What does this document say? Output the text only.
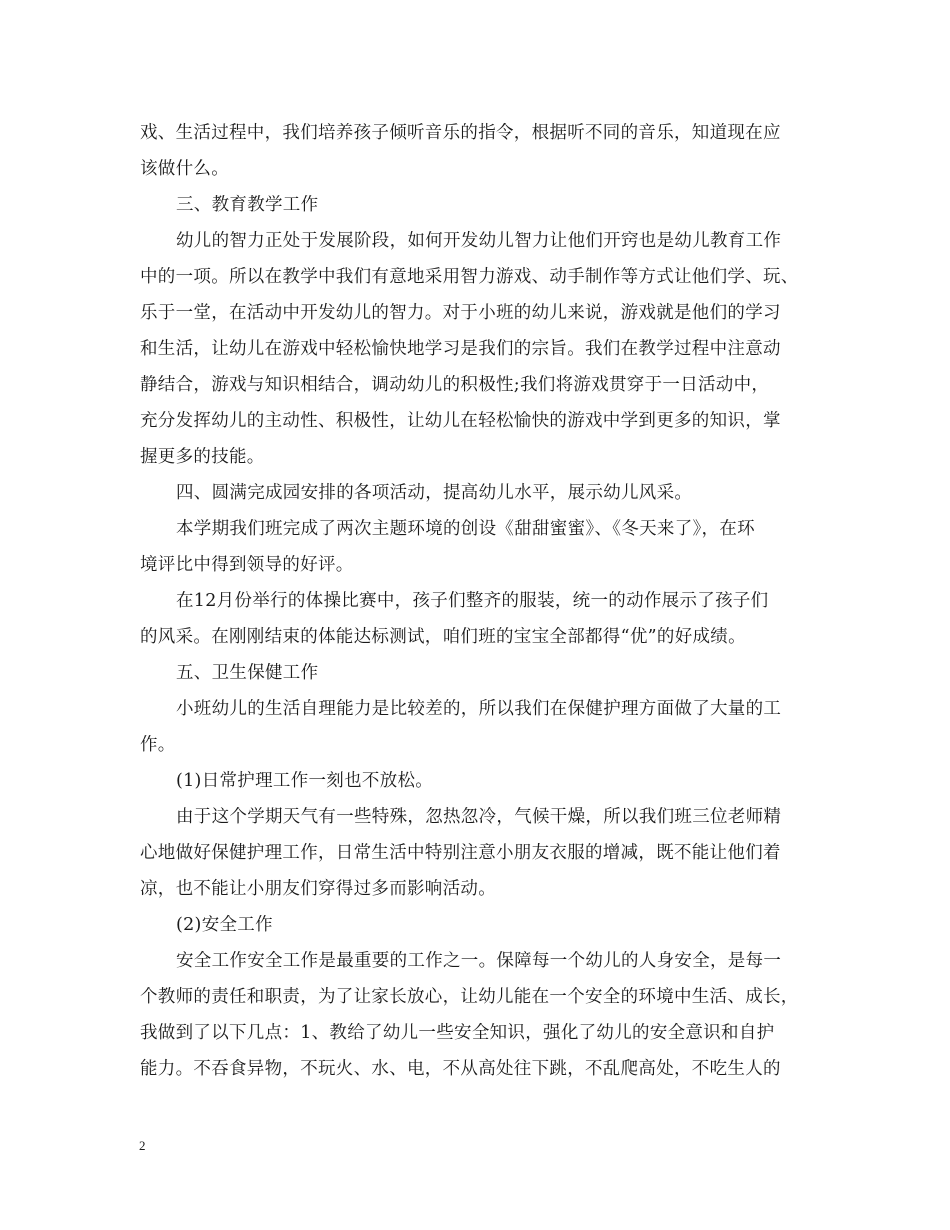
戏、生活过程中，我们培养孩子倾听音乐的指令，根据听不同的音乐，知道现在应
该做什么。
三、教育教学工作
幼儿的智力正处于发展阶段，如何开发幼儿智力让他们开窍也是幼儿教育工作
中的一项。所以在教学中我们有意地采用智力游戏、动手制作等方式让他们学、玩、
乐于一堂，在活动中开发幼儿的智力。对于小班的幼儿来说，游戏就是他们的学习
和生活，让幼儿在游戏中轻松愉快地学习是我们的宗旨。我们在教学过程中注意动
静结合，游戏与知识相结合，调动幼儿的积极性;我们将游戏贯穿于一日活动中，
充分发挥幼儿的主动性、积极性，让幼儿在轻松愉快的游戏中学到更多的知识，掌
握更多的技能。
四、圆满完成园安排的各项活动，提高幼儿水平，展示幼儿风采。
本学期我们班完成了两次主题环境的创设《甜甜蜜蜜》、《冬天来了》，在环
境评比中得到领导的好评。
在12月份举行的体操比赛中，孩子们整齐的服装，统一的动作展示了孩子们
的风采。在刚刚结束的体能达标测试，咱们班的宝宝全部都得“优”的好成绩。
五、卫生保健工作
小班幼儿的生活自理能力是比较差的，所以我们在保健护理方面做了大量的工
作。
(1)日常护理工作一刻也不放松。
由于这个学期天气有一些特殊，忽热忽冷，气候干燥，所以我们班三位老师精
心地做好保健护理工作，日常生活中特别注意小朋友衣服的增减，既不能让他们着
凉，也不能让小朋友们穿得过多而影响活动。
(2)安全工作
安全工作安全工作是最重要的工作之一。保障每一个幼儿的人身安全，是每一
个教师的责任和职责，为了让家长放心，让幼儿能在一个安全的环境中生活、成长，
我做到了以下几点：1、教给了幼儿一些安全知识，强化了幼儿的安全意识和自护
能力。不吞食异物，不玩火、水、电，不从高处往下跳，不乱爬高处，不吃生人的
2
